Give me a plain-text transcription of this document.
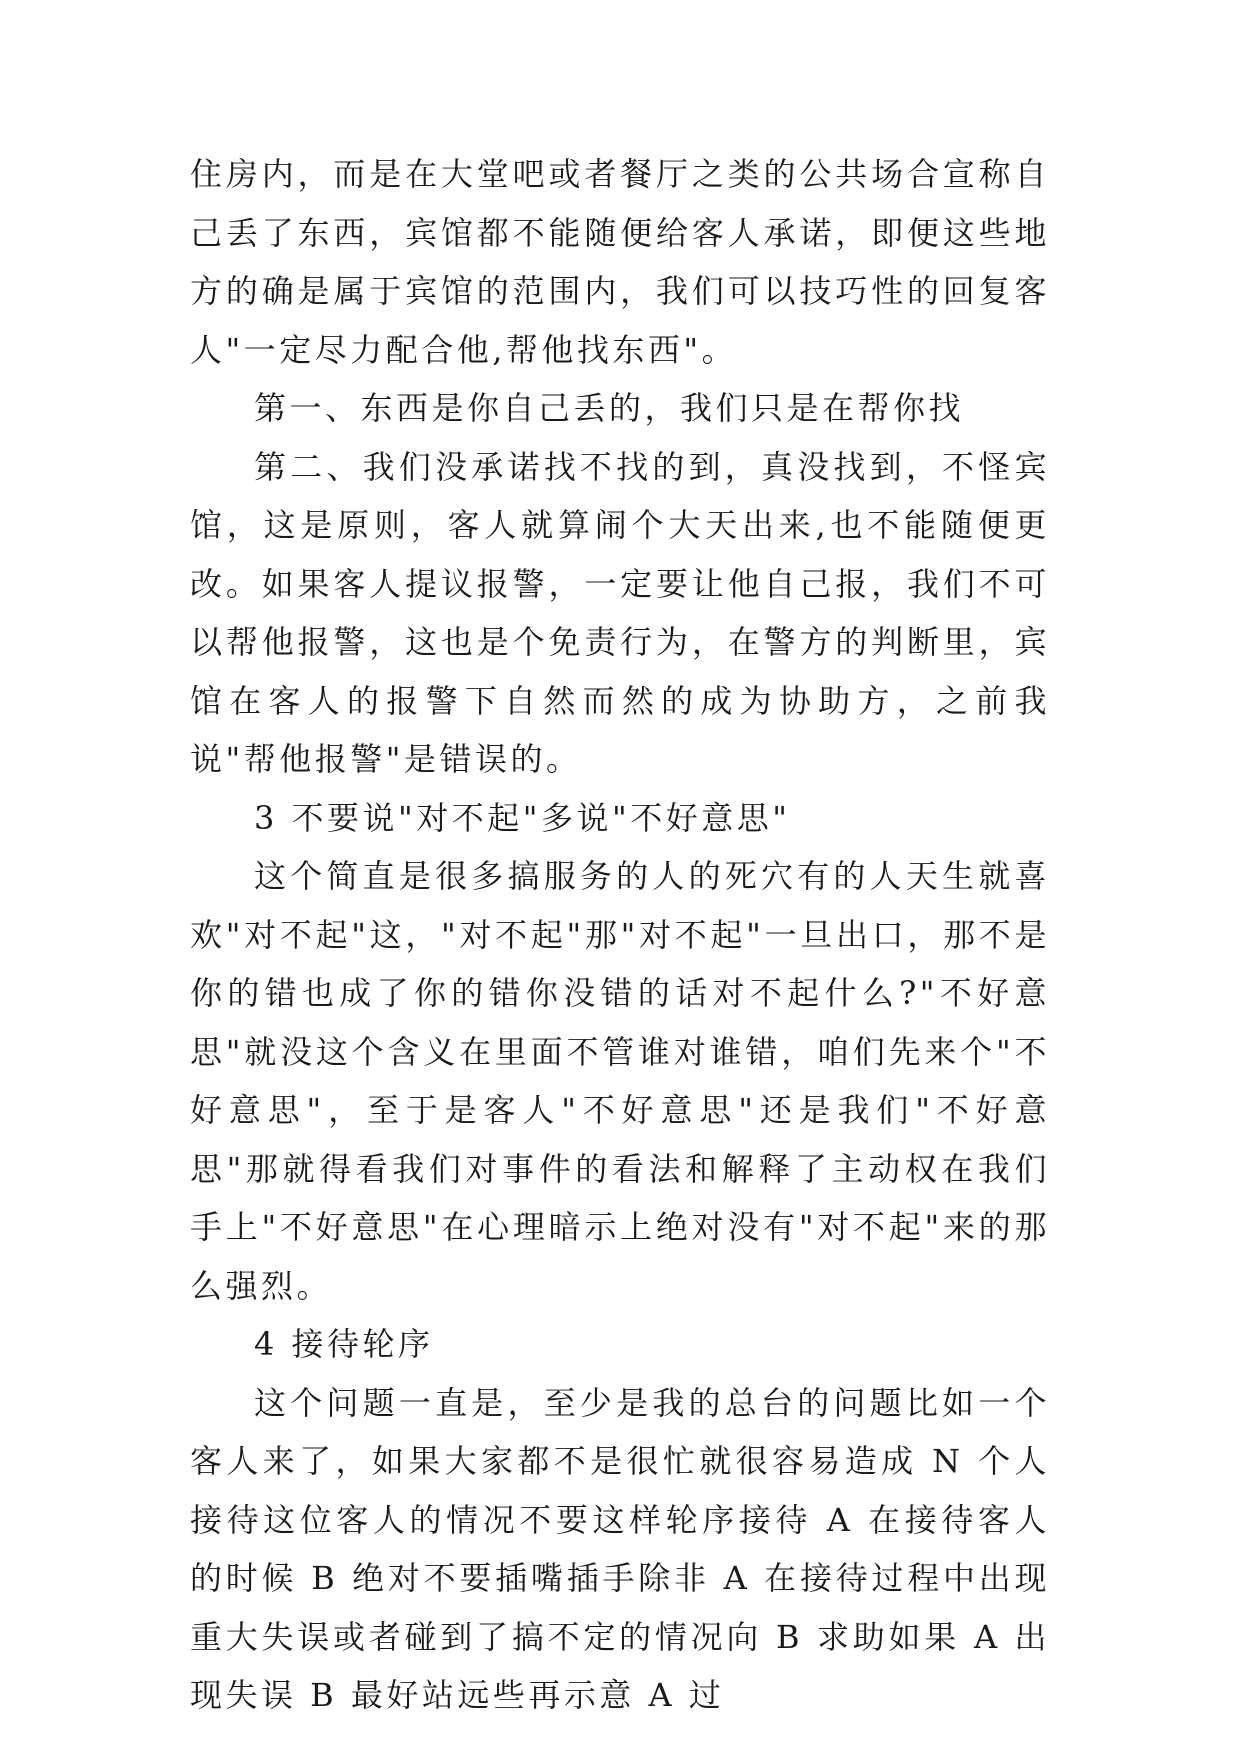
住房内，而是在大堂吧或者餐厅之类的公共场合宣称自己丢了东西，宾馆都不能随便给客人承诺，即便这些地方的确是属于宾馆的范围内，我们可以技巧性的回复客人"一定尽力配合他,帮他找东西"。

第一、东西是你自己丢的，我们只是在帮你找

第二、我们没承诺找不找的到，真没找到，不怪宾馆，这是原则，客人就算闹个大天出来,也不能随便更改。如果客人提议报警，一定要让他自己报，我们不可以帮他报警，这也是个免责行为，在警方的判断里，宾馆在客人的报警下自然而然的成为协助方，之前我说"帮他报警"是错误的。

3 不要说"对不起"多说"不好意思"

这个简直是很多搞服务的人的死穴有的人天生就喜欢"对不起"这，"对不起"那"对不起"一旦出口，那不是你的错也成了你的错你没错的话对不起什么?"不好意思"就没这个含义在里面不管谁对谁错，咱们先来个"不好意思"，至于是客人"不好意思"还是我们"不好意思"那就得看我们对事件的看法和解释了主动权在我们手上"不好意思"在心理暗示上绝对没有"对不起"来的那么强烈。

4 接待轮序

这个问题一直是，至少是我的总台的问题比如一个客人来了，如果大家都不是很忙就很容易造成 N 个人接待这位客人的情况不要这样轮序接待 A 在接待客人的时候 B 绝对不要插嘴插手除非 A 在接待过程中出现重大失误或者碰到了搞不定的情况向 B 求助如果 A 出现失误 B 最好站远些再示意 A 过
